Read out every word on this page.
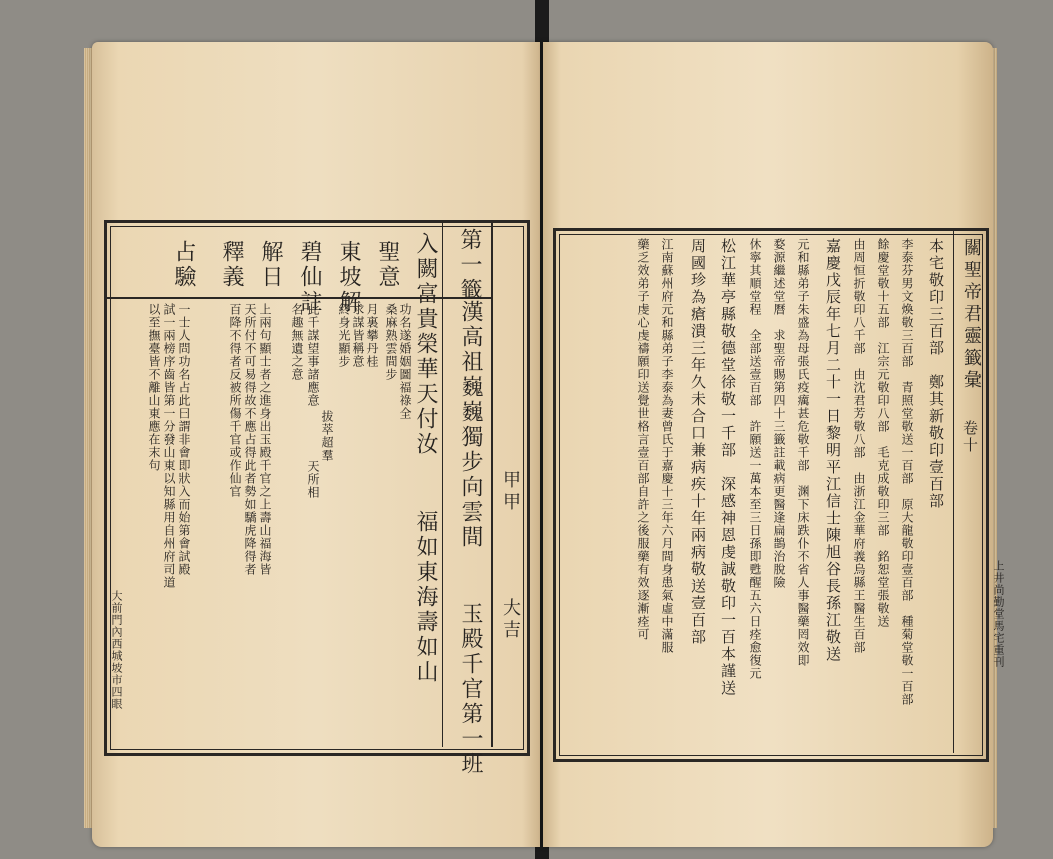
第一籤
甲甲
大吉
漢高祖巍巍獨步向雲間
入闕富貴榮華天付汝
福如東海壽如山
玉殿千官第一班
聖意
東坡解
碧仙註
解日
釋義
占驗
功名遂婚姻圖福祿全
桑麻熟雲間步
月裏攀丹桂
求謀皆稱意
終身光顯步
拔萃超羣
天所相
此千謀望事諸應意
名趣無遺之意
上兩句顯士者之進身出玉殿千官之上壽山福海皆
天所付不可易得故不應占得此者勢如驕虎降得者
百降不得者反被所傷千官或作仙官
一士人問功名占此曰謂非會即狀入而始第會試殿
試一兩榜序齒皆第一分發山東以知縣用自州府司道
以至撫臺皆不離山東應在末句
大前門內西城坡市四眼
關聖帝君靈籤彙
卷十
上井尚勤堂馬宅重刊
本宅敬印三百部　鄭其新敬印壹百部
李泰芬男文煥敬三百部　青照堂敬送一百部　原大龍敬印壹百部　種菊堂敬一百部
餘慶堂敬十五部　江宗元敬印八部　毛克成敬印三部　銘恕堂張敬送
由周恒折敬印八千部　由沈君芳敬八部　由浙江金華府義烏縣王醫生百部
嘉慶戊辰年七月二十一日黎明平江信士陳旭谷長孫江敬送
元和縣弟子朱盛為母張氏疫癘甚危敬千部　渊下床跌仆不省人事醫藥罔效即
婺源繼述堂曆　求聖帝賜第四十三籤註載病更醫逢扁鵲治脫險
休寧其順堂程　全部送壹百部　許願送一萬本至三日孫即甦醒五六日痊愈復元
松江華亭縣敬德堂徐敬一千部　深感神恩虔誠敬印一百本謹送
周國珍為瘡潰三年久未合口兼病疾十年兩病敬送壹百部
江南蘇州府元和縣弟子李泰為妻曾氏于嘉慶十三年六月間身患氣虛中滿服
藥乏效弟子虔心虔禱願印送覺世格言壹百部自許之後服藥有效逐漸痊可
